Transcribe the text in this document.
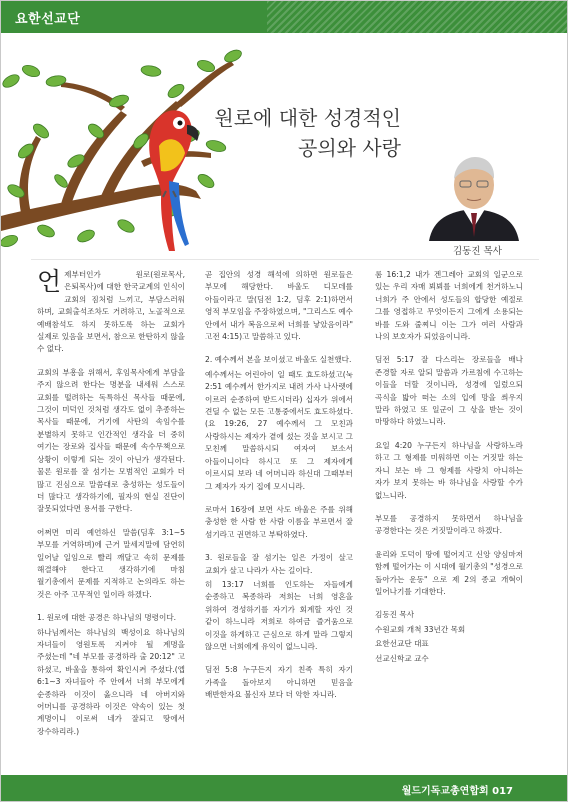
요한선교단
원로에 대한 성경적인
공의와 사랑
김동진 목사

언제부터인가 원로(원로목사, 은퇴목사)에 대한 한국교계의 인식이 교회의 짐처럼 느끼고, 부담스러워 하며, 교회출석조차도 거려하고, 노골적으로 예배참석도 하지 못하도록 하는 교회가 실제로 있음을 보면서, 참으로 한탄하지 않을 수 없다.

교회의 부흥을 위해서, 후임목사에게 부담을 주지 않으려 한다는 명분을 내세워 스스로 교회를 떨려하는 독특하신 목사들 때문에, 그것이 미덕인 것처럼 생각도 없이 추종하는 목사들 때문에, 거기에 사탄의 속임수를 분별하지 못하고 인간적인 생각을 더 중히 여기는 장로와 집사들 때문에 속수무책으로 상황이 이렇게 되는 것이 아닌가 생각된다. 물론 원로를 잘 섬기는 모범적인 교회가 더 많고 진심으로 말씀대로 충성하는 성도들이 더 많다고 생각하기에, 필자의 현실 진단이 잘못되었다면 용서를 구한다.

어쩌면 미리 예언하신 말씀(딤후 3:1~5 부모를 거역하며)에 근거 말세지말에 담연히 일어날 일임으로 빨리 깨달고 속히 문제를 해결해야 한다고 생각하기에 마침 월기총에서 문제를 지적하고 논의라도 하는 것은 아주 고무적인 일이라 하겠다.

1. 원로에 대한 공경은 하나님의 명령이다.

하나님께서는 하나님의 백성이요 하나님의 자녀들이 영원토록 지켜야 될 계명을 주셨는데 "네 부모를 공경하라 출 20:12" 고 하셨고, 바울을 통하여 확인시켜 주셨다.(엡 6:1~3 자녀들아 주 안에서 너희 부모에게 순종하라 이것이 옳으니라 네 아버지와 어머니를 공경하라 이것은 약속이 있는 첫 계명이니 이로써 네가 잘되고 땅에서 장수하리라.)

곧 집안의 성경 해석에 의하면 원로들은 부모에 해당한다. 바울도 디모데를 아들이라고 말(딤전 1:2, 딤후 2:1)하면서 영적 부모임을 주장하였으며, "그리스도 예수 안에서 내가 복음으로써 너희를 낳았음이라" 고전 4:15)고 말씀하고 있다.

2. 예수께서 본을 보이셨고 바울도 실천했다.

예수께서는 어린아이 일 때도 효도하셨고(눅 2:51 예수께서 한가지로 내려 가사 나사렛에 이르러 순종하여 받드시더라) 십자가 위에서 견딜 수 없는 모든 고통중에서도 효도하셨다. (요 19:26, 27 예수께서 그 모친과 사랑하시는 제자가 곁에 섰는 것을 보시고 그 모친께 말씀하시되 여자여 보소서 아들이니이다 하시고 또 그 제자에게 이르시되 보라 네 어머니라 하신대 그때부터 그 제자가 자기 집에 모시니라.

로마서 16장에 보면 사도 바울은 주를 위해 충성한 한 사람 한 사람 이름을 부르면서 잘 섬기라고 권면하고 부탁하였다.

3. 원로들을 잘 섬기는 일은 가정이 살고 교회가 살고 나라가 사는 길이다.

히 13:17 너희를 인도하는 자들에게 순종하고 복종하라 저희는 너희 영혼을 위하여 경성하기를 자기가 회계할 자인 것 같이 하느니라 저희로 하여금 즐거움으로 이것을 하게하고 근심으로 하게 말라 그렇지 않으면 너희에게 유익이 없느니라.

딤전 5:8 누구든지 자기 친족 특히 자기 가족을 돌아보지 아니하면 믿음을 배반한자요 불신자 보다 더 악한 자니라.

롬 16:1,2 내가 겐그레아 교회의 일군으로 있는 우리 자매 뵈뵈를 너희에게 천거하노니 너희가 주 안에서 성도들의 합당한 예절로 그를 영접하고 무엇이든지 그에게 소용되는 바를 도와 줄찌니 이는 그가 여러 사람과 나의 보호자가 되었음이니라.

딤전 5:17 잘 다스리는 장로들을 배나 존경할 자로 알되 말씀과 가르침에 수고하는 이들을 더할 것이니라, 성경에 일렀으되 곡식을 밟아 떠는 소의 입에 망을 씌우지 말라 하였고 또 일군이 그 삯을 받는 것이 마땅하다 하였느니라.

요일 4:20 누구든지 하나님을 사랑하노라 하고 그 형제를 미워하면 이는 거짓말 하는 자니 보는 바 그 형제를 사랑치 아니하는 자가 보지 못하는 바 하나님을 사랑할 수가 없느니라.

부모를 공경하지 못하면서 하나님을 공경한다는 것은 거짓말이라고 하겠다.

윤리와 도덕이 땅에 떨어지고 신앙 양심마저 함께 떨어가는 이 시대에 월기총의 "성경으로 돌아가는 운동" 으로 제 2의 종교 개혁이 일어나기를 기대한다.

김동진 목사

수원교회 개척 33년간 목회

요한선교단 대표

선교신학교 교수

월드기독교총연합회 017
